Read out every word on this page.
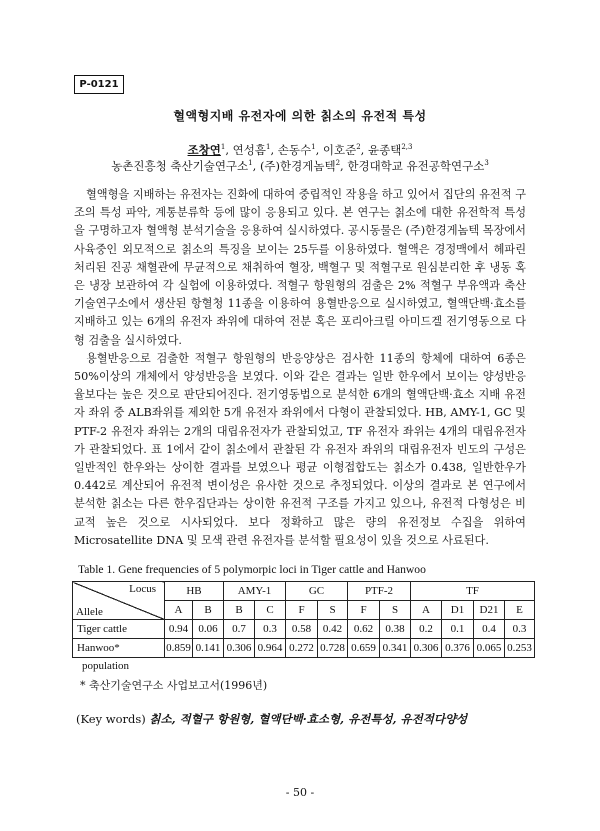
P-0121
혈액형지배 유전자에 의한 칡소의 유전적 특성
조창연$^1$, 연성흠$^1$, 손동수$^1$, 이호준$^2$, 윤종택$^{2,3}$
농촌진흥청 축산기술연구소$^1$, (주)한경게놈텍$^2$, 한경대학교 유전공학연구소$^3$

혈액형을 지배하는 유전자는 진화에 대하여 중립적인 작용을 하고 있어서 집단의 유전적 구조의 특성 파악, 계통분류학 등에 많이 응용되고 있다. 본 연구는 칡소에 대한 유전학적 특성을 구명하고자 혈액형 분석기술을 응용하여 실시하였다. 공시동물은 (주)한경게놈텍 목장에서 사육중인 외모적으로 칡소의 특징을 보이는 25두를 이용하였다. 혈액은 경정맥에서 헤파린 처리된 진공 채혈관에 무균적으로 채취하여 혈장, 백혈구 및 적혈구로 원심분리한 후 냉동 혹은 냉장 보관하여 각 실험에 이용하였다. 적혈구 항원형의 검출은 2% 적혈구 부유액과 축산기술연구소에서 생산된 항혈청 11종을 이용하여 용혈반응으로 실시하였고, 혈액단백·효소를 지배하고 있는 6개의 유전자 좌위에 대하여 전분 혹은 포리아크릴 아미드겔 전기영동으로 다형 검출을 실시하였다.

용혈반응으로 검출한 적혈구 항원형의 반응양상은 검사한 11종의 항체에 대하여 6종은 50%이상의 개체에서 양성반응을 보였다. 이와 같은 결과는 일반 한우에서 보이는 양성반응율보다는 높은 것으로 판단되어진다. 전기영동법으로 분석한 6개의 혈액단백·효소 지배 유전자 좌위 중 ALB좌위를 제외한 5개 유전자 좌위에서 다형이 관찰되었다. HB, AMY-1, GC 및 PTF-2 유전자 좌위는 2개의 대립유전자가 관찰되었고, TF 유전자 좌위는 4개의 대립유전자가 관찰되었다. 표 1에서 같이 칡소에서 관찰된 각 유전자 좌위의 대립유전자 빈도의 구성은 일반적인 한우와는 상이한 결과를 보였으나 평균 이형접합도는 칡소가 0.438, 일반한우가 0.442로 계산되어 유전적 변이성은 유사한 것으로 추정되었다. 이상의 결과로 본 연구에서 분석한 칡소는 다른 한우집단과는 상이한 유전적 구조를 가지고 있으나, 유전적 다형성은 비교적 높은 것으로 시사되었다. 보다 정확하고 많은 량의 유전정보 수집을 위하여 Microsatellite DNA 및 모색 관련 유전자를 분석할 필요성이 있을 것으로 사료된다.

Table 1. Gene frequencies of 5 polymorpic loci in Tiger cattle and Hanwoo
Locus
Allele	HB		AMY-1		GC		PTF-2		TF			
	A	B	B	C	F	S	F	S	A	D1	D21	E
Tiger cattle	0.94	0.06	0.7	0.3	0.58	0.42	0.62	0.38	0.2	0.1	0.4	0.3
Hanwoo*	0.859	0.141	0.306	0.964	0.272	0.728	0.659	0.341	0.306	0.376	0.065	0.253
population
* 축산기술연구소 사업보고서(1996년)
(Key words) 칡소, 적혈구 항원형, 혈액단백·효소형, 유전특성, 유전적다양성
- 50 -
